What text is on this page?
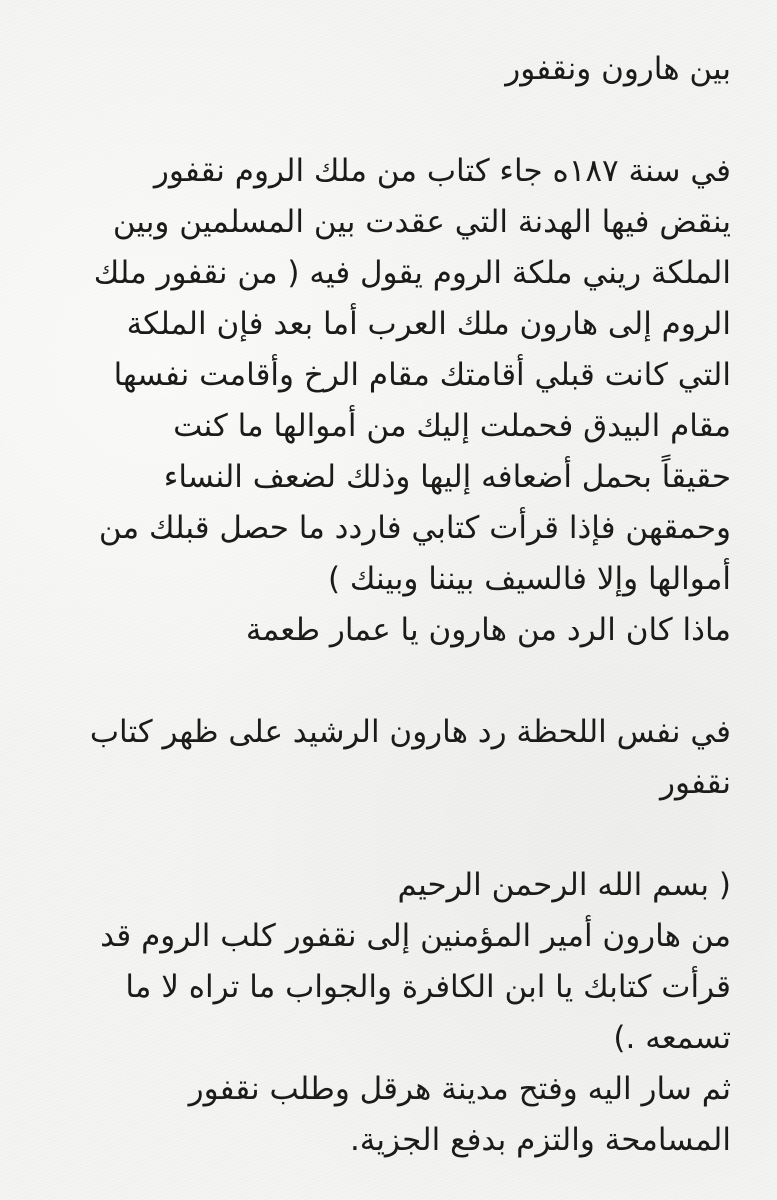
بين هارون ونقفور
في سنة ١٨٧ه جاء كتاب من ملك الروم نقفور
ينقض فيها الهدنة التي عقدت بين المسلمين وبين
الملكة ريني ملكة الروم يقول فيه ( من نقفور ملك
الروم إلى هارون ملك العرب أما بعد فإن الملكة
التي كانت قبلي أقامتك مقام الرخ وأقامت نفسها
مقام البيدق فحملت إليك من أموالها ما كنت
حقيقاً بحمل أضعافه إليها وذلك لضعف النساء
وحمقهن فإذا قرأت كتابي فاردد ما حصل قبلك من
أموالها وإلا فالسيف بيننا وبينك )
ماذا كان الرد من هارون يا عمار طعمة
في نفس اللحظة رد هارون الرشيد على ظهر كتاب
نقفور
( بسم الله الرحمن الرحيم
من هارون أمير المؤمنين إلى نقفور كلب الروم قد
قرأت كتابك يا ابن الكافرة والجواب ما تراه لا ما
تسمعه .)
ثم سار اليه وفتح مدينة هرقل وطلب نقفور
المسامحة والتزم بدفع الجزية.
